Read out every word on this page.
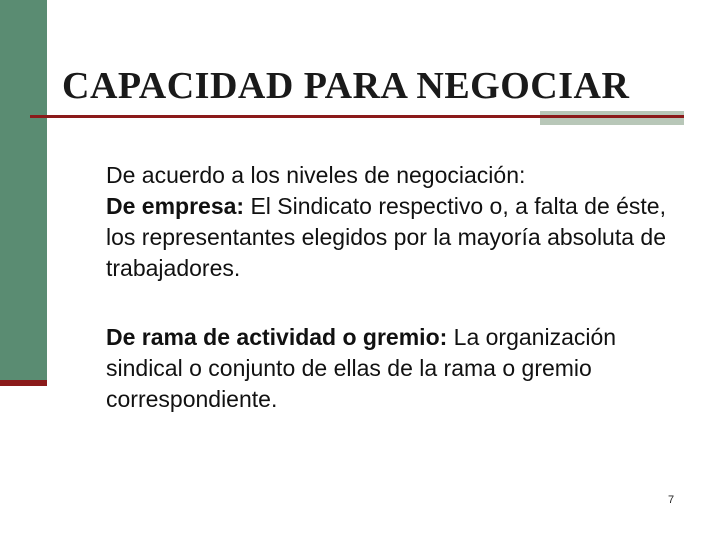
CAPACIDAD PARA NEGOCIAR

De acuerdo a los niveles de negociación:

De empresa: El Sindicato respectivo o, a falta de éste, los representantes elegidos por la mayoría absoluta de trabajadores.

De rama de actividad o gremio: La organización sindical o conjunto de ellas de la rama o gremio correspondiente.

7
